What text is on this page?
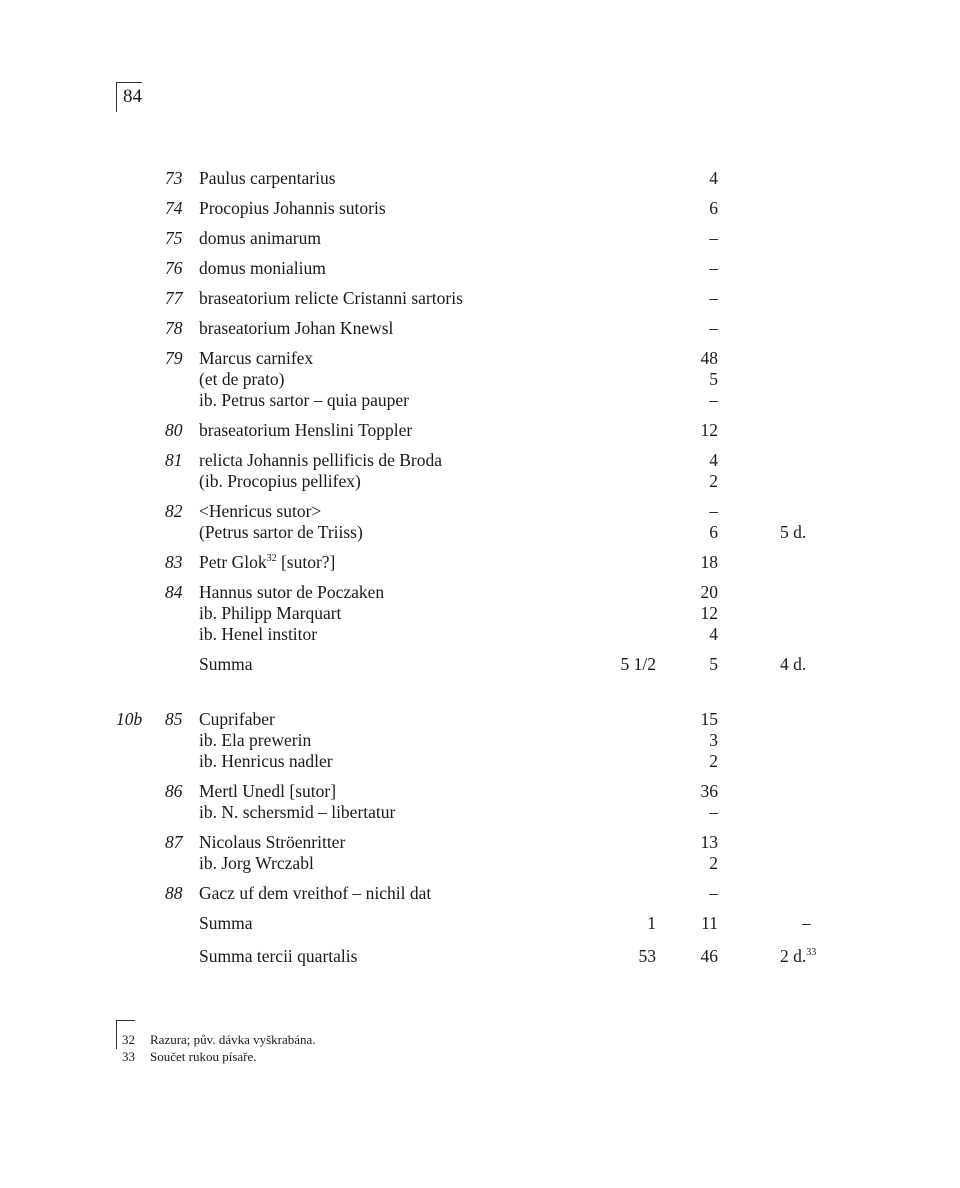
84
73 Paulus carpentarius	4
74 Procopius Johannis sutoris	6
75 domus animarum	–
76 domus monialium	–
77 braseatorium relicte Cristanni sartoris	–
78 braseatorium Johan Knewsl	–
79 Marcus carnifex	48
(et de prato)	5
ib. Petrus sartor – quia pauper	–
80 braseatorium Henslini Toppler	12
81 relicta Johannis pellificis de Broda	4
(ib. Procopius pellifex)	2
82 <Henricus sutor>	–
(Petrus sartor de Triiss)	6	5 d.
83 Petr Glok$^{32}$ [sutor?]	18
84 Hannus sutor de Poczaken	20
ib. Philipp Marquart	12
ib. Henel institor	4
Summa	5 1/2	5	4 d.
10b 85 Cuprifaber	15
ib. Ela prewerin	3
ib. Henricus nadler	2
86 Mertl Unedl [sutor]	36
ib. N. schersmid – libertatur	–
87 Nicolaus Ströenritter	13
ib. Jorg Wrczabl	2
88 Gacz uf dem vreithof – nichil dat	–
Summa	1	11	–
Summa tercii quartalis	53	46	2 d.$^{33}$
32 Razura; pův. dávka vyškrabána.
33 Součet rukou písaře.
